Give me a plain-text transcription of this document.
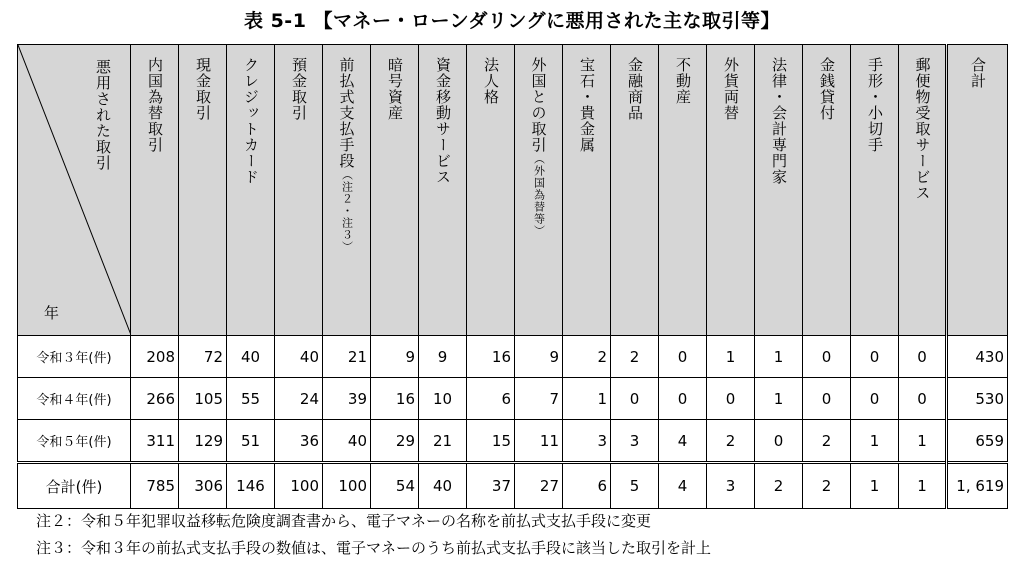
表 5-1 【マネー・ローンダリングに悪用された主な取引等】
悪用された取引
年	内国為替取引	現金取引	クレジットカード	預金取引	前払式支払手段（注２・注３）	暗号資産	資金移動サービス	法人格	外国との取引（外国為替等）	宝石・貴金属	金融商品	不動産	外貨両替	法律・会計専門家	金銭貸付	手形・小切手	郵便物受取サービス	合計

令和３年(件)	208	72	40	40	21	9	9	16	9	2	2	0	1	1	0	0	0	430
令和４年(件)	266	105	55	24	39	16	10	6	7	1	0	0	0	1	0	0	0	530
令和５年(件)	311	129	51	36	40	29	21	15	11	3	3	4	2	0	2	1	1	659
合計(件)	785	306	146	100	100	54	40	37	27	6	5	4	3	2	2	1	1	1, 619
注２：令和５年犯罪収益移転危険度調査書から、電子マネーの名称を前払式支払手段に変更
注３：令和３年の前払式支払手段の数値は、電子マネーのうち前払式支払手段に該当した取引を計上
